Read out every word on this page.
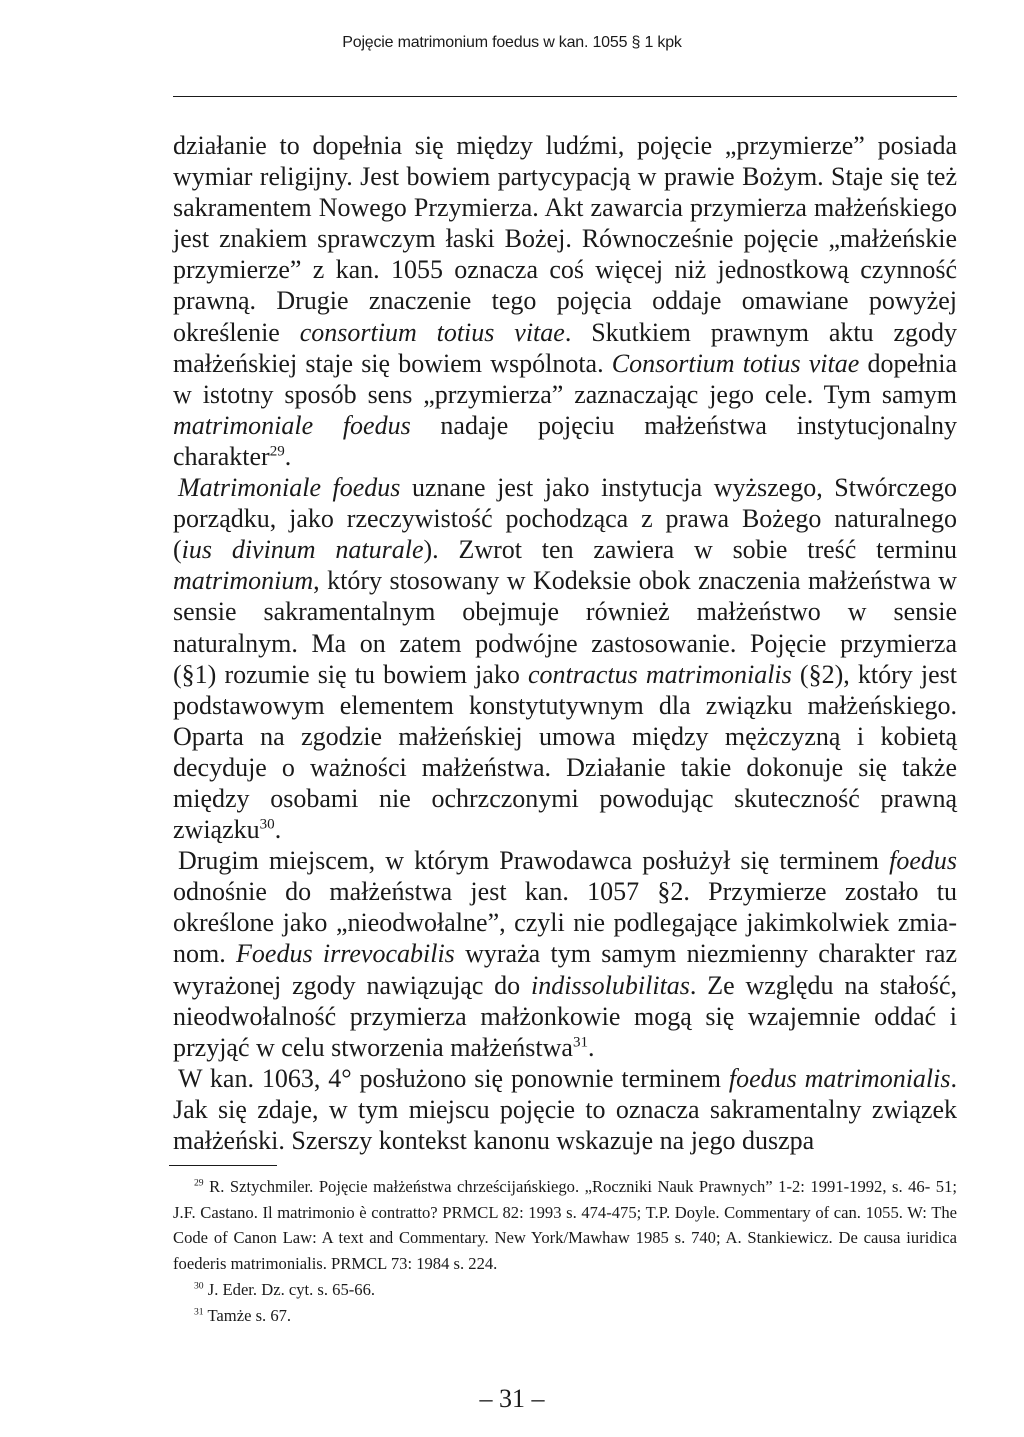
Pojęcie matrimonium foedus w kan. 1055 § 1 kpk

działanie to dopełnia się między ludźmi, pojęcie „przymierze” posiada wymiar religijny. Jest bowiem partycypacją w prawie Bożym. Staje się też sakramentem Nowego Przymierza. Akt zawarcia przymierza małżeńskiego jest znakiem sprawczym łaski Bożej. Równocześnie pojęcie „małżeńskie przymierze” z kan. 1055 oznacza coś więcej niż jednostkową czynność prawną. Drugie znaczenie tego pojęcia oddaje omawiane powyżej określenie consortium totius vitae. Skutkiem prawnym aktu zgody małżeńskiej staje się bowiem wspólnota. Consortium totius vitae dopełnia w istotny sposób sens „przymierza” zaznaczając jego cele. Tym samym matrimoniale foedus nadaje pojęciu małżeństwa instytucjonalny charakter$^{29}$.

Matrimoniale foedus uznane jest jako instytucja wyższego, Stwórczego porządku, jako rzeczywistość pochodząca z prawa Bożego naturalnego (ius divinum naturale). Zwrot ten zawiera w sobie treść terminu matrimonium, który stosowany w Kodeksie obok znaczenia małżeństwa w sensie sakramentalnym obejmuje również małżeństwo w sensie naturalnym. Ma on zatem podwójne zastosowanie. Pojęcie przymierza (§1) rozumie się tu bowiem jako contractus matrimonialis (§2), który jest podstawowym elementem konstytutywnym dla związku małżeńskiego. Oparta na zgodzie małżeńskiej umowa między mężczyzną i kobietą decyduje o ważności małżeństwa. Działanie takie dokonuje się także między osobami nie ochrzczonymi powodując skuteczność prawną związku$^{30}$.

Drugim miejscem, w którym Prawodawca posłużył się terminem foedus odnośnie do małżeństwa jest kan. 1057 §2. Przymierze zostało tu określone jako „nieodwołalne”, czyli nie podlegające jakimkolwiek zmianom. Foedus irrevocabilis wyraża tym samym niezmienny charakter raz wyrażonej zgody nawiązując do indissolubilitas. Ze względu na stałość, nieodwołalność przymierza małżonkowie mogą się wzajemnie oddać i przyjąć w celu stworzenia małżeństwa$^{31}$.

W kan. 1063, 4° posłużono się ponownie terminem foedus matrimonialis. Jak się zdaje, w tym miejscu pojęcie to oznacza sakramentalny związek małżeński. Szerszy kontekst kanonu wskazuje na jego duszpa

$^{29}$ R. Sztychmiler. Pojęcie małżeństwa chrześcijańskiego. „Roczniki Nauk Prawnych” 1-2: 1991-1992, s. 46- 51; J.F. Castano. Il matrimonio è contratto? PRMCL 82: 1993 s. 474-475; T.P. Doyle. Commentary of can. 1055. W: The Code of Canon Law: A text and Commentary. New York/Mawhaw 1985 s. 740; A. Stankiewicz. De causa iuridica foederis matrimonialis. PRMCL 73: 1984 s. 224.

$^{30}$ J. Eder. Dz. cyt. s. 65-66.

$^{31}$ Tamże s. 67.

– 31 –
